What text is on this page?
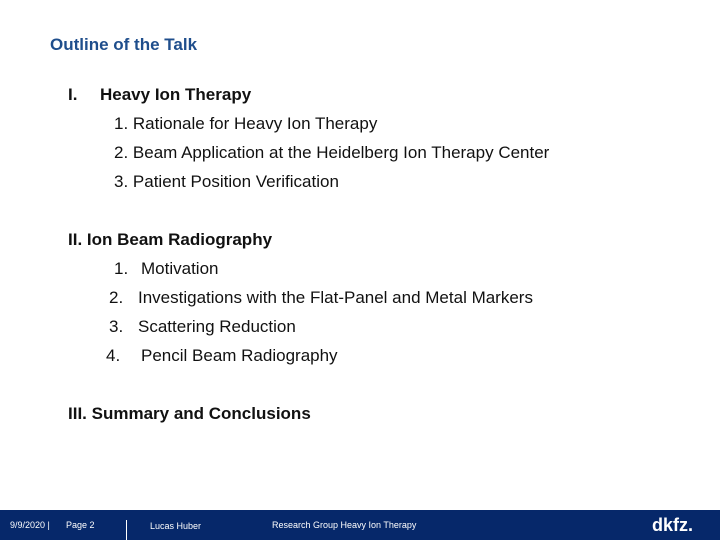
Outline of the Talk
I. Heavy Ion Therapy
1. Rationale for Heavy Ion Therapy
2. Beam Application at the Heidelberg Ion Therapy Center
3. Patient Position Verification
II. Ion Beam Radiography
1. Motivation
2. Investigations with the Flat-Panel and Metal Markers
3. Scattering Reduction
4. Pencil Beam Radiography
III. Summary and Conclusions
9/9/2020 | Page 2	Lucas Huber	Research Group Heavy Ion Therapy	dkfz.
